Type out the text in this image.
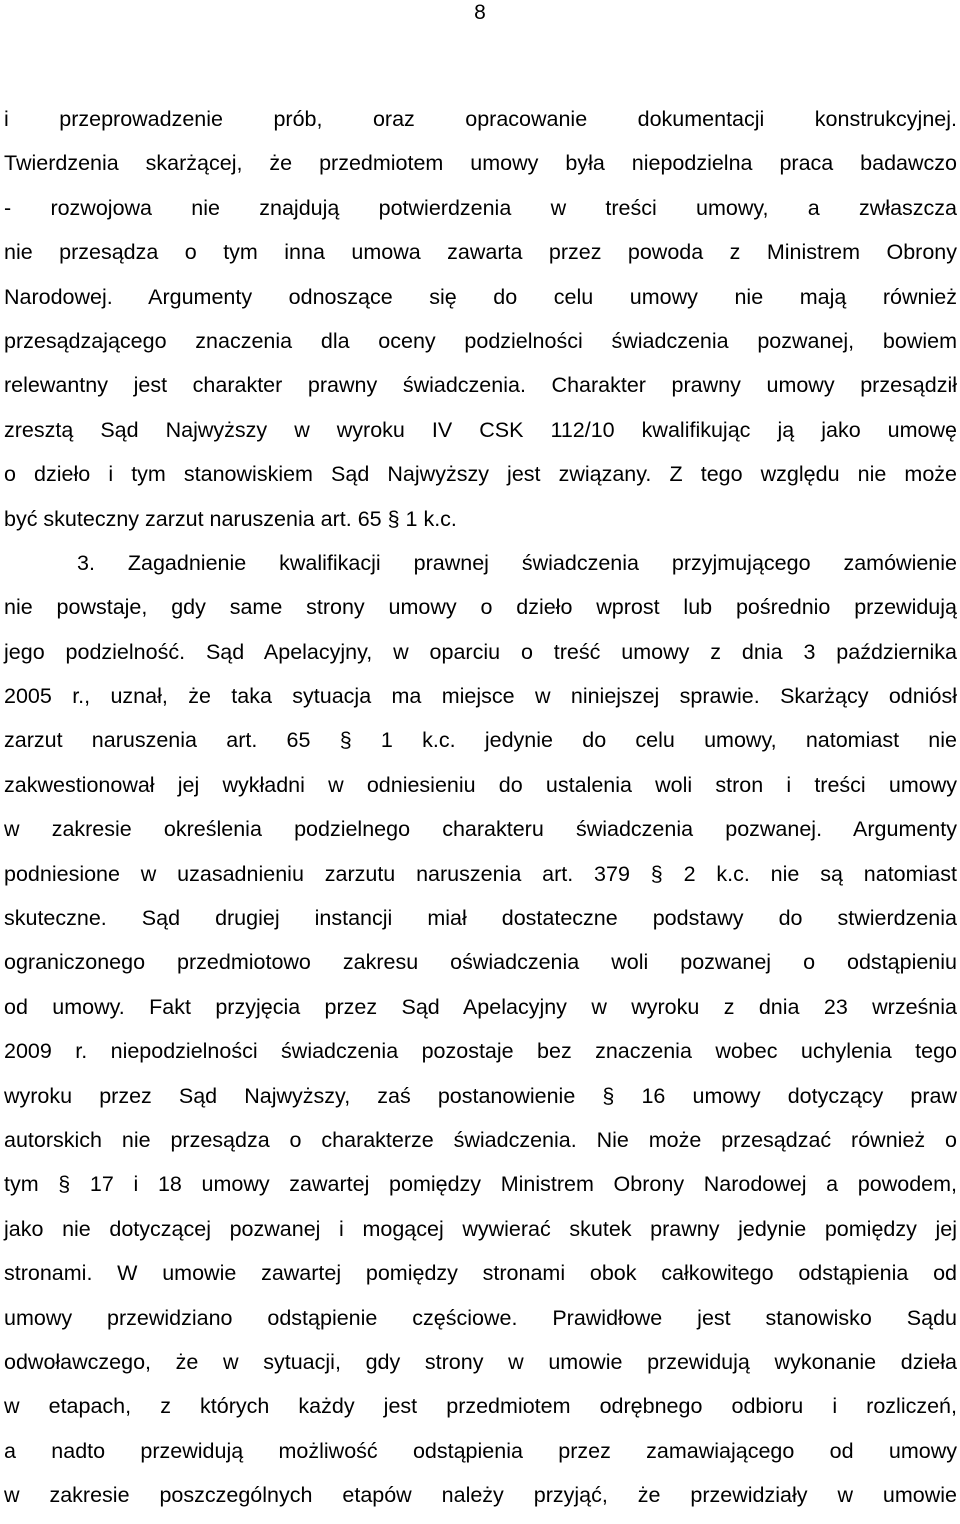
8
i przeprowadzenie prób, oraz opracowanie dokumentacji konstrukcyjnej.
Twierdzenia skarżącej, że przedmiotem umowy była niepodzielna praca badawczo
- rozwojowa nie znajdują potwierdzenia w treści umowy, a zwłaszcza
nie przesądza o tym inna umowa zawarta przez powoda z Ministrem Obrony
Narodowej. Argumenty odnoszące się do celu umowy nie mają również
przesądzającego znaczenia dla oceny podzielności świadczenia pozwanej, bowiem
relewantny jest charakter prawny świadczenia. Charakter prawny umowy przesądził
zresztą Sąd Najwyższy w wyroku IV CSK 112/10 kwalifikując ją jako umowę
o dzieło i tym stanowiskiem Sąd Najwyższy jest związany. Z tego względu nie może
być skuteczny zarzut naruszenia art. 65 § 1 k.c.
3. Zagadnienie kwalifikacji prawnej świadczenia przyjmującego zamówienie
nie powstaje, gdy same strony umowy o dzieło wprost lub pośrednio przewidują
jego podzielność. Sąd Apelacyjny, w oparciu o treść umowy z dnia 3 października
2005 r., uznał, że taka sytuacja ma miejsce w niniejszej sprawie. Skarżący odniósł
zarzut naruszenia art. 65 § 1 k.c. jedynie do celu umowy, natomiast nie
zakwestionował jej wykładni w odniesieniu do ustalenia woli stron i treści umowy
w zakresie określenia podzielnego charakteru świadczenia pozwanej. Argumenty
podniesione w uzasadnieniu zarzutu naruszenia art. 379 § 2 k.c. nie są natomiast
skuteczne. Sąd drugiej instancji miał dostateczne podstawy do stwierdzenia
ograniczonego przedmiotowo zakresu oświadczenia woli pozwanej o odstąpieniu
od umowy. Fakt przyjęcia przez Sąd Apelacyjny w wyroku z dnia 23 września
2009 r. niepodzielności świadczenia pozostaje bez znaczenia wobec uchylenia tego
wyroku przez Sąd Najwyższy, zaś postanowienie § 16 umowy dotyczący praw
autorskich nie przesądza o charakterze świadczenia. Nie może przesądzać również o
tym § 17 i 18 umowy zawartej pomiędzy Ministrem Obrony Narodowej a powodem,
jako nie dotyczącej pozwanej i mogącej wywierać skutek prawny jedynie pomiędzy jej
stronami. W umowie zawartej pomiędzy stronami obok całkowitego odstąpienia od
umowy przewidziano odstąpienie częściowe. Prawidłowe jest stanowisko Sądu
odwoławczego, że w sytuacji, gdy strony w umowie przewidują wykonanie dzieła
w etapach, z których każdy jest przedmiotem odrębnego odbioru i rozliczeń,
a nadto przewidują możliwość odstąpienia przez zamawiającego od umowy
w zakresie poszczególnych etapów należy przyjąć, że przewidziały w umowie
